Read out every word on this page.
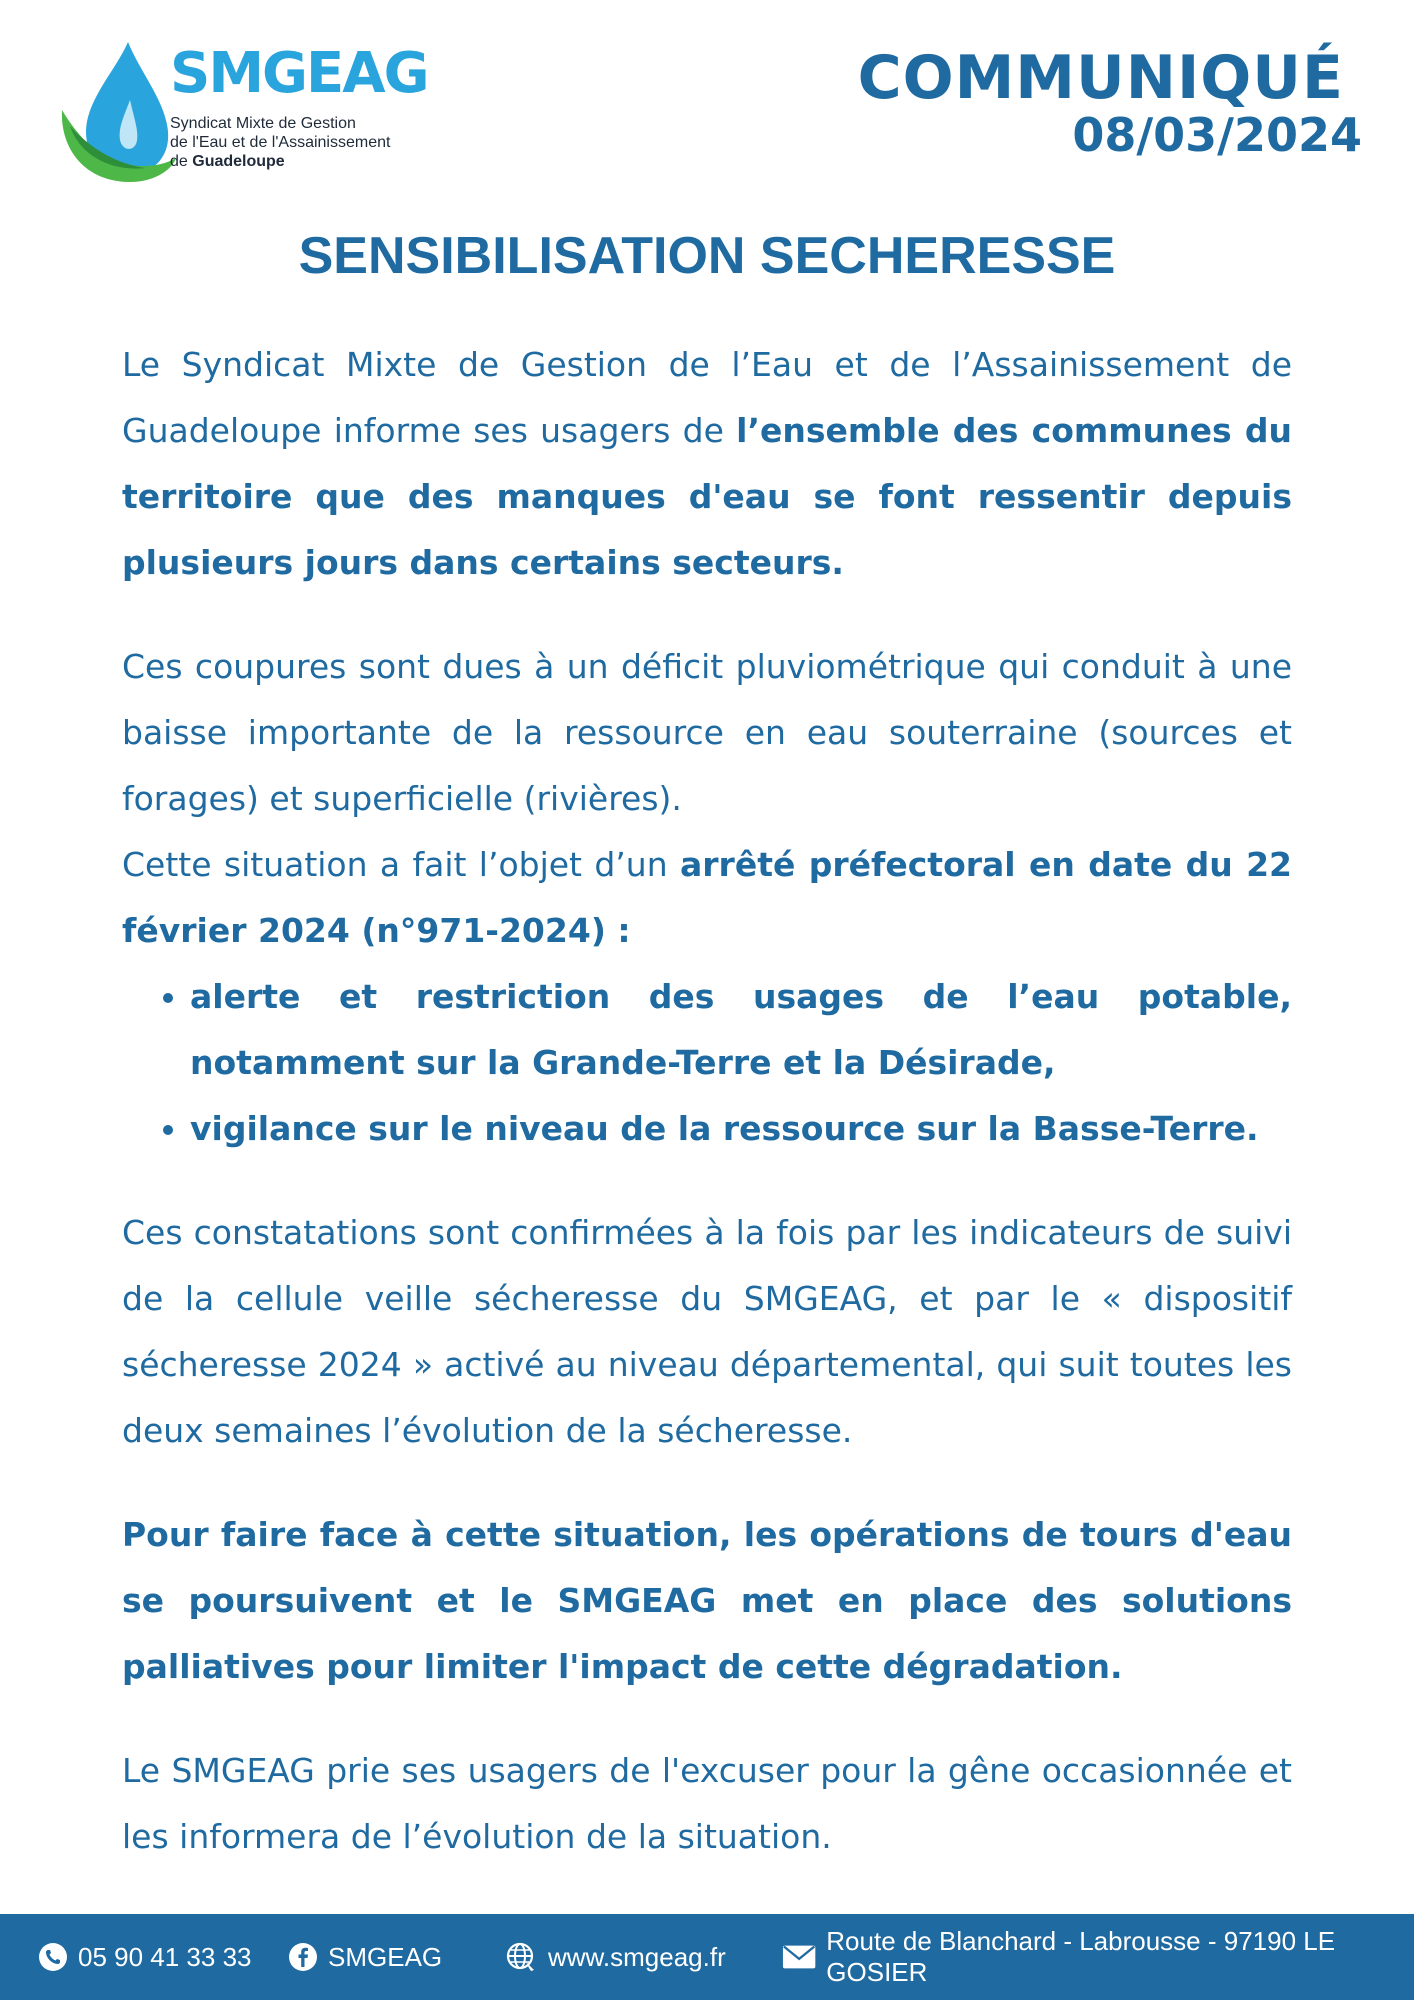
SMGEAG
Syndicat Mixte de Gestion
de l'Eau et de l'Assainissement
de Guadeloupe
COMMUNIQUÉ
08/03/2024
SENSIBILISATION SECHERESSE

Le Syndicat Mixte de Gestion de l’Eau et de l’Assainissement de Guadeloupe informe ses usagers de l’ensemble des communes du territoire que des manques d'eau se font ressentir depuis plusieurs jours dans certains secteurs.

Ces coupures sont dues à un déficit pluviométrique qui conduit à une baisse importante de la ressource en eau souterraine (sources et forages) et superficielle (rivières).

Cette situation a fait l’objet d’un arrêté préfectoral en date du 22 février 2024 (n°971-2024) :

• alerte et restriction des usages de l’eau potable, notamment sur la Grande-Terre et la Désirade,
• vigilance sur le niveau de la ressource sur la Basse-Terre.

Ces constatations sont confirmées à la fois par les indicateurs de suivi de la cellule veille sécheresse du SMGEAG, et par le « dispositif sécheresse 2024 » activé au niveau départemental, qui suit toutes les deux semaines l’évolution de la sécheresse.

Pour faire face à cette situation, les opérations de tours d'eau se poursuivent et le SMGEAG met en place des solutions palliatives pour limiter l'impact de cette dégradation.

Le SMGEAG prie ses usagers de l'excuser pour la gêne occasionnée et les informera de l’évolution de la situation.

05 90 41 33 33	SMGEAG	www.smgeag.fr
Route de Blanchard - Labrousse - 97190 LE GOSIER
